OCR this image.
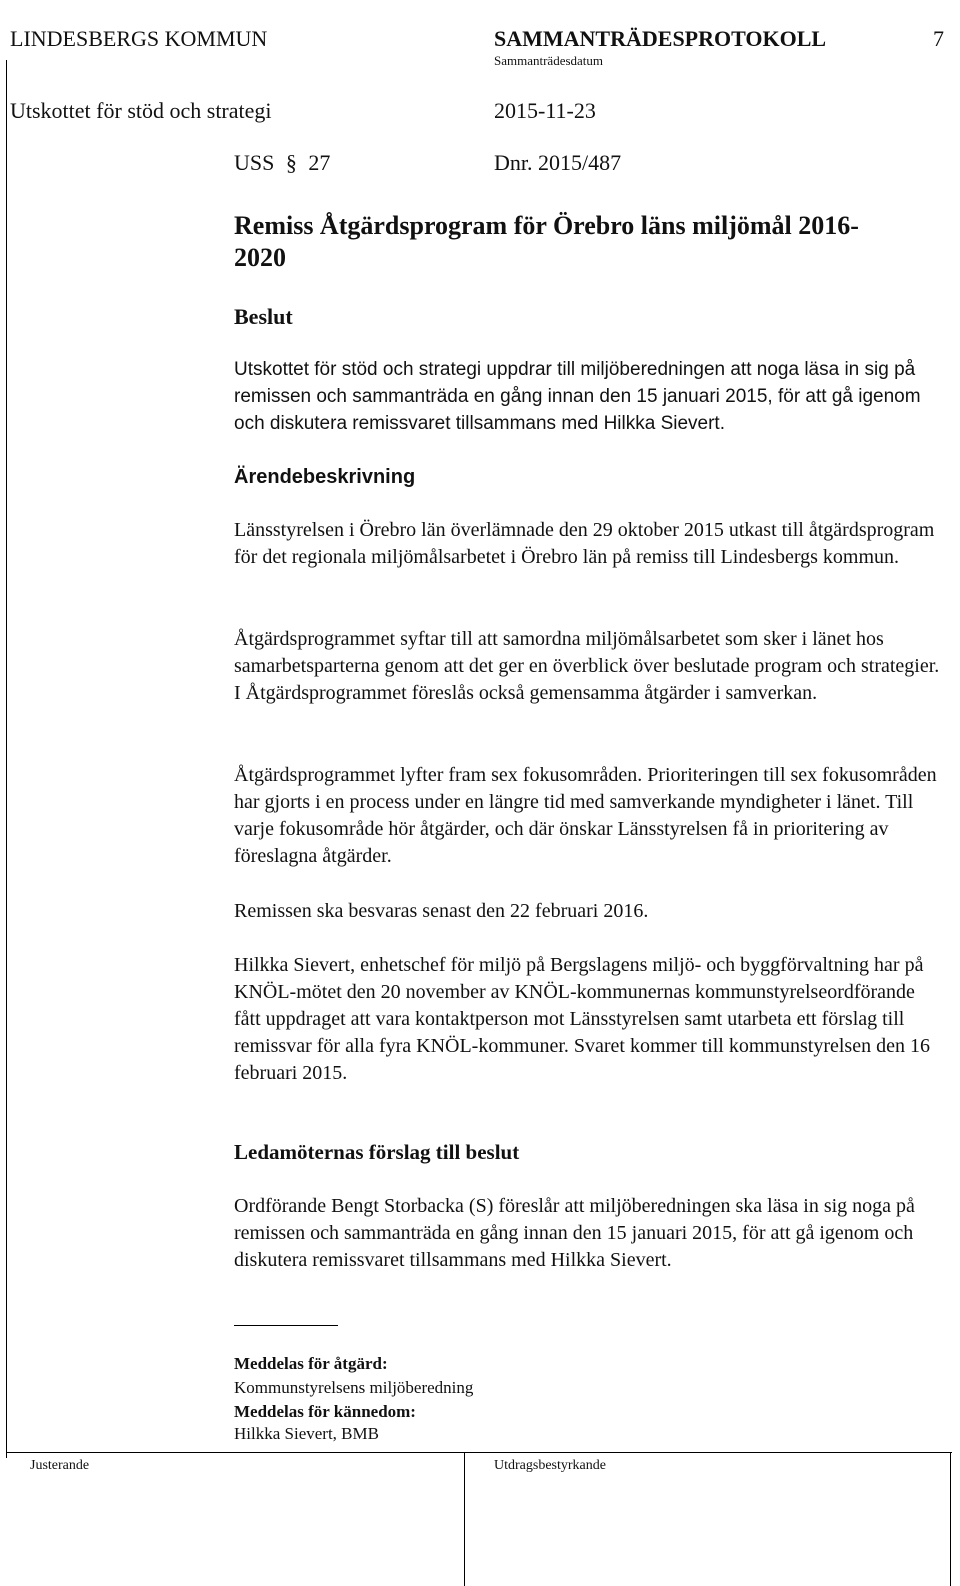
LINDESBERGS KOMMUN	SAMMANTRÄDESPROTOKOLL	7
Sammanträdesdatum
Utskottet för stöd och strategi	2015-11-23
USS § 27	Dnr. 2015/487
Remiss Åtgärdsprogram för Örebro läns miljömål 2016-
2020
Beslut

Utskottet för stöd och strategi uppdrar till miljöberedningen att noga läsa in sig på remissen och sammanträda en gång innan den 15 januari 2015, för att gå igenom och diskutera remissvaret tillsammans med Hilkka Sievert.

Ärendebeskrivning

Länsstyrelsen i Örebro län överlämnade den 29 oktober 2015 utkast till åtgärdsprogram för det regionala miljömålsarbetet i Örebro län på remiss till Lindesbergs kommun.

Åtgärdsprogrammet syftar till att samordna miljömålsarbetet som sker i länet hos samarbetsparterna genom att det ger en överblick över beslutade program och strategier. I Åtgärdsprogrammet föreslås också gemensamma åtgärder i samverkan.

Åtgärdsprogrammet lyfter fram sex fokusområden. Prioriteringen till sex fokusområden har gjorts i en process under en längre tid med samverkande myndigheter i länet. Till varje fokusområde hör åtgärder, och där önskar Länsstyrelsen få in prioritering av föreslagna åtgärder.

Remissen ska besvaras senast den 22 februari 2016.

Hilkka Sievert, enhetschef för miljö på Bergslagens miljö- och byggförvaltning har på KNÖL-mötet den 20 november av KNÖL-kommunernas kommunstyrelseordförande fått uppdraget att vara kontaktperson mot Länsstyrelsen samt utarbeta ett förslag till remissvar för alla fyra KNÖL-kommuner. Svaret kommer till kommunstyrelsen den 16 februari 2015.

Ledamöternas förslag till beslut

Ordförande Bengt Storbacka (S) föreslår att miljöberedningen ska läsa in sig noga på remissen och sammanträda en gång innan den 15 januari 2015, för att gå igenom och diskutera remissvaret tillsammans med Hilkka Sievert.

Meddelas för åtgärd:
Kommunstyrelsens miljöberedning
Meddelas för kännedom:
Hilkka Sievert, BMB
Justerande	Utdragsbestyrkande
